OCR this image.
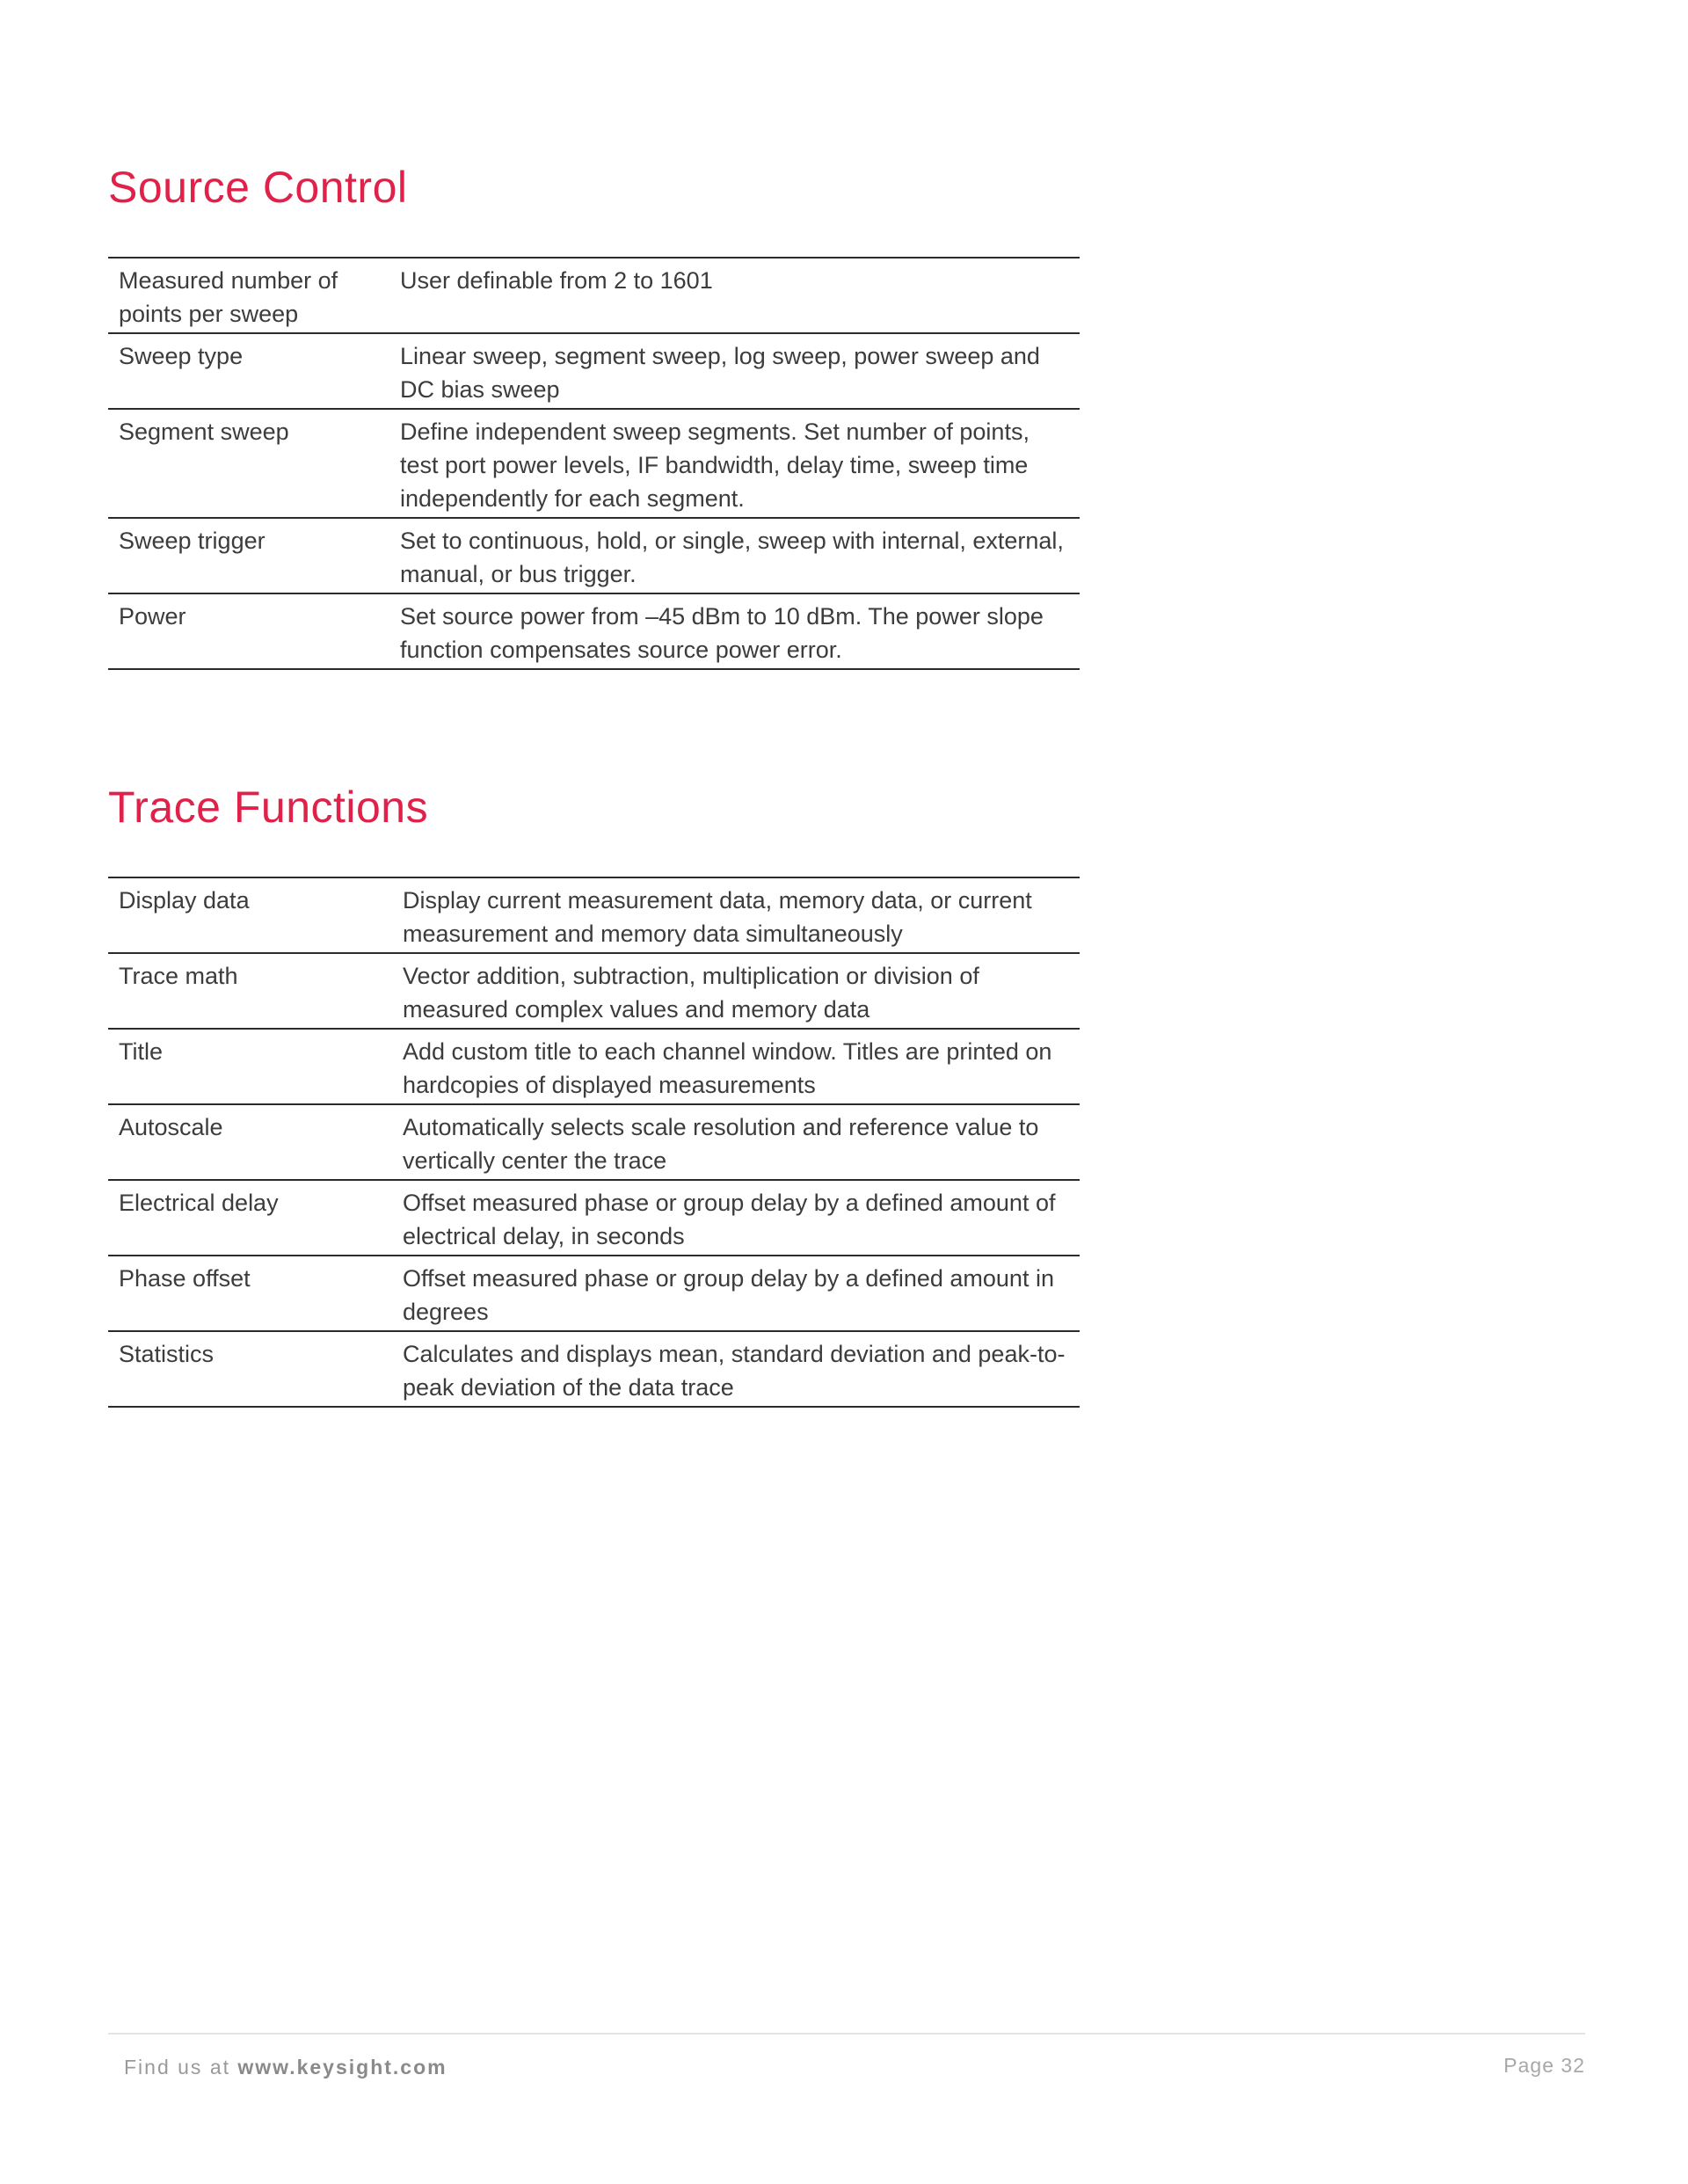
Source Control
Measured number of points per sweep	User definable from 2 to 1601
Sweep type	Linear sweep, segment sweep, log sweep, power sweep and DC bias sweep
Segment sweep	Define independent sweep segments. Set number of points, test port power levels, IF bandwidth, delay time, sweep time independently for each segment.
Sweep trigger	Set to continuous, hold, or single, sweep with internal, external, manual, or bus trigger.
Power	Set source power from –45 dBm to 10 dBm. The power slope function compensates source power error.
Trace Functions
Display data	Display current measurement data, memory data, or current measurement and memory data simultaneously
Trace math	Vector addition, subtraction, multiplication or division of measured complex values and memory data
Title	Add custom title to each channel window. Titles are printed on hardcopies of displayed measurements
Autoscale	Automatically selects scale resolution and reference value to vertically center the trace
Electrical delay	Offset measured phase or group delay by a defined amount of electrical delay, in seconds
Phase offset	Offset measured phase or group delay by a defined amount in degrees
Statistics	Calculates and displays mean, standard deviation and peak-to-peak deviation of the data trace
Find us at www.keysight.com	Page 32
